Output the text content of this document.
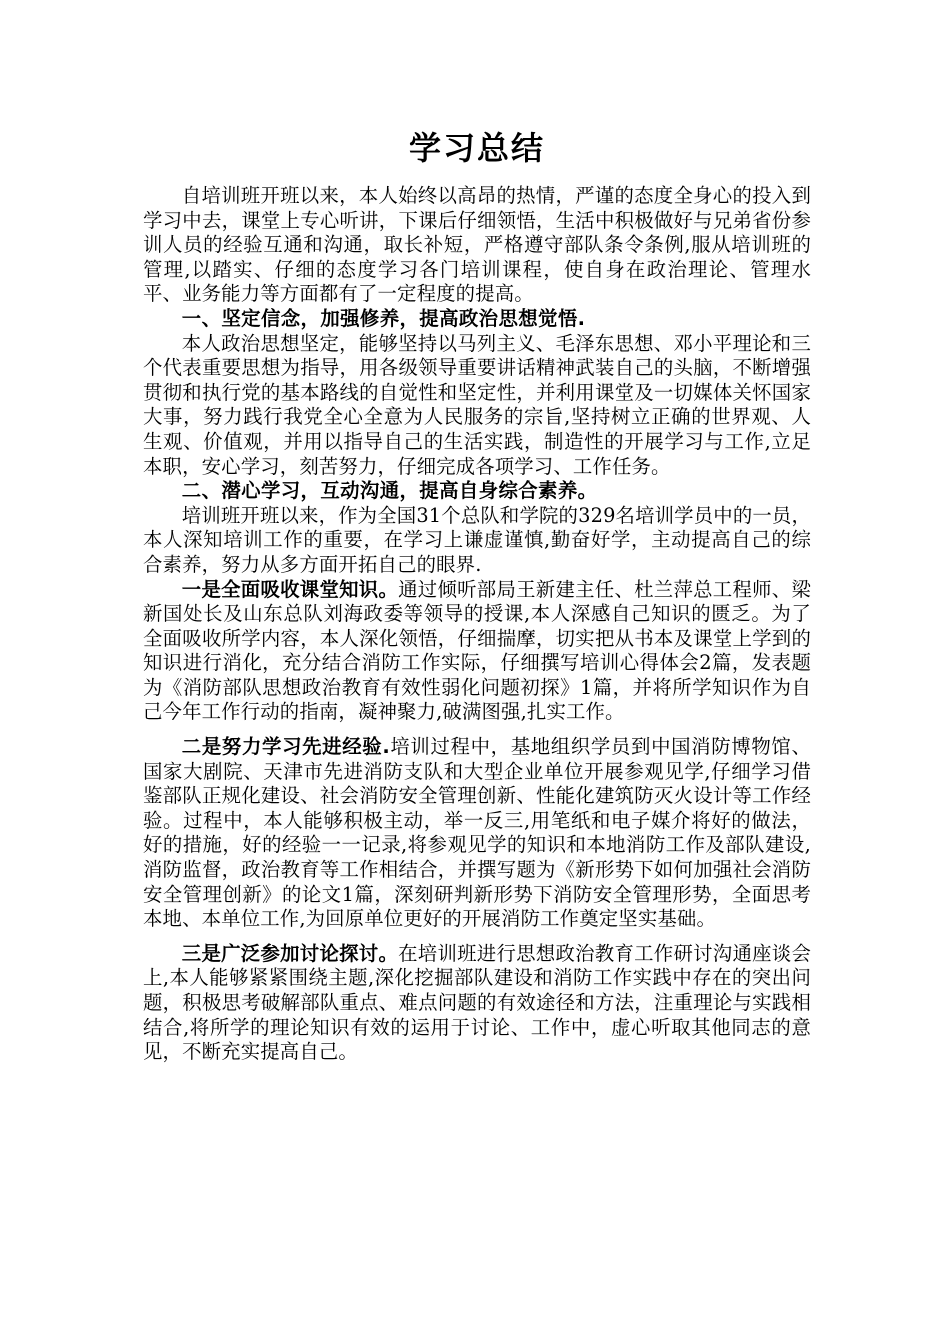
学习总结

自培训班开班以来，本人始终以高昂的热情，严谨的态度全身心的投入到学习中去，课堂上专心听讲，下课后仔细领悟，生活中积极做好与兄弟省份参训人员的经验互通和沟通，取长补短，严格遵守部队条令条例,服从培训班的管理,以踏实、仔细的态度学习各门培训课程，使自身在政治理论、管理水平、业务能力等方面都有了一定程度的提高。

一、坚定信念，加强修养，提高政治思想觉悟.

本人政治思想坚定，能够坚持以马列主义、毛泽东思想、邓小平理论和三个代表重要思想为指导，用各级领导重要讲话精神武装自己的头脑，不断增强贯彻和执行党的基本路线的自觉性和坚定性，并利用课堂及一切媒体关怀国家大事，努力践行我党全心全意为人民服务的宗旨,坚持树立正确的世界观、人生观、价值观，并用以指导自己的生活实践，制造性的开展学习与工作,立足本职，安心学习，刻苦努力，仔细完成各项学习、工作任务。

二、潜心学习，互动沟通，提高自身综合素养。

培训班开班以来，作为全国31个总队和学院的329名培训学员中的一员，本人深知培训工作的重要，在学习上谦虚谨慎,勤奋好学，主动提高自己的综合素养，努力从多方面开拓自己的眼界.

一是全面吸收课堂知识。通过倾听部局王新建主任、杜兰萍总工程师、梁新国处长及山东总队刘海政委等领导的授课,本人深感自己知识的匮乏。为了全面吸收所学内容，本人深化领悟，仔细揣摩，切实把从书本及课堂上学到的知识进行消化，充分结合消防工作实际，仔细撰写培训心得体会2篇，发表题为《消防部队思想政治教育有效性弱化问题初探》1篇，并将所学知识作为自己今年工作行动的指南，凝神聚力,破满图强,扎实工作。

二是努力学习先进经验.培训过程中，基地组织学员到中国消防博物馆、国家大剧院、天津市先进消防支队和大型企业单位开展参观见学,仔细学习借鉴部队正规化建设、社会消防安全管理创新、性能化建筑防灭火设计等工作经验。过程中，本人能够积极主动，举一反三,用笔纸和电子媒介将好的做法，好的措施，好的经验一一记录,将参观见学的知识和本地消防工作及部队建设,消防监督，政治教育等工作相结合，并撰写题为《新形势下如何加强社会消防安全管理创新》的论文1篇，深刻研判新形势下消防安全管理形势，全面思考本地、本单位工作,为回原单位更好的开展消防工作奠定坚实基础。

三是广泛参加讨论探讨。在培训班进行思想政治教育工作研讨沟通座谈会上,本人能够紧紧围绕主题,深化挖掘部队建设和消防工作实践中存在的突出问题，积极思考破解部队重点、难点问题的有效途径和方法，注重理论与实践相结合,将所学的理论知识有效的运用于讨论、工作中，虚心听取其他同志的意见，不断充实提高自己。
